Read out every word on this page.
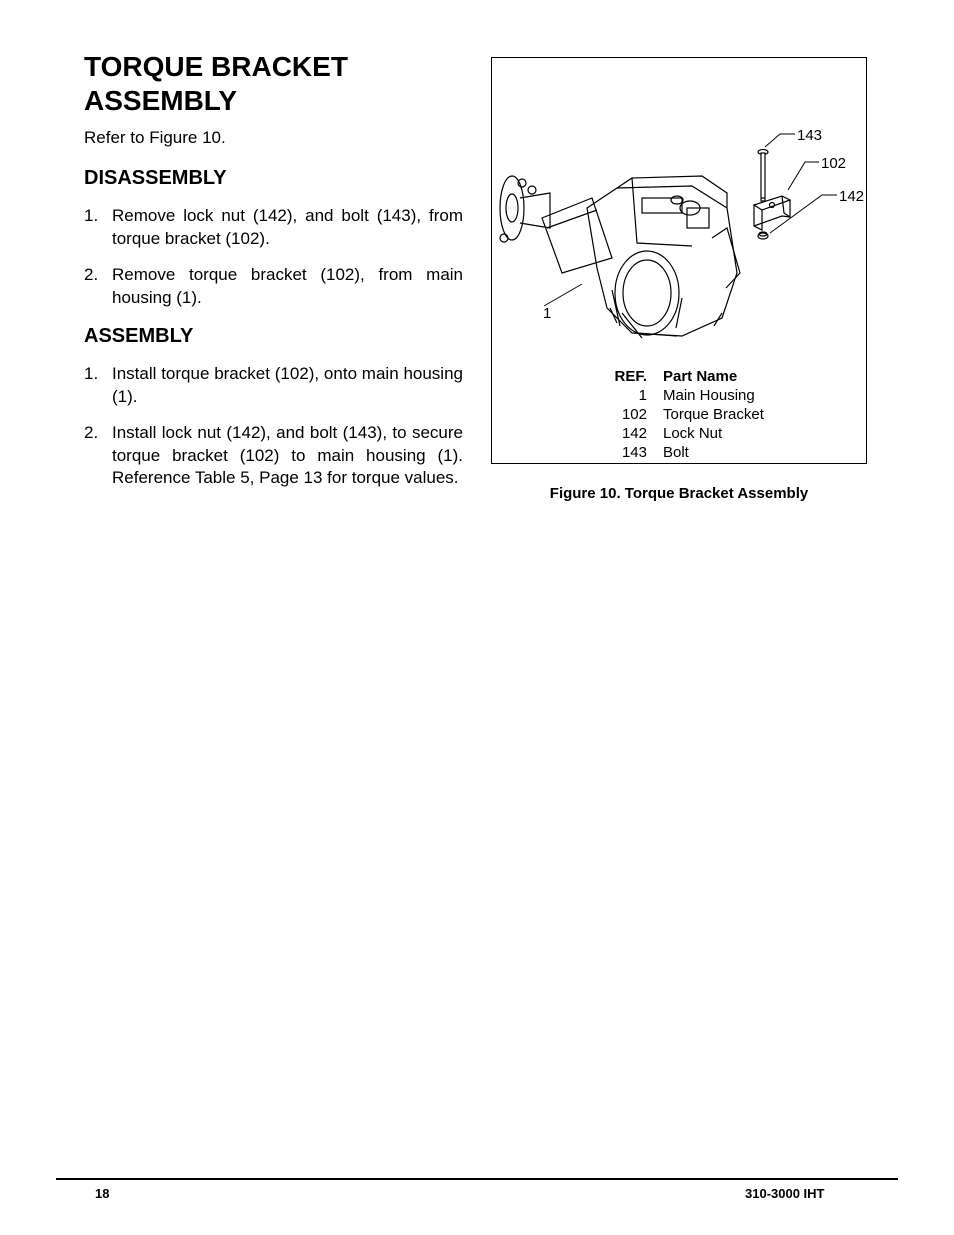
TORQUE BRACKET ASSEMBLY

Refer to Figure 10.

DISASSEMBLY
1. Remove lock nut (142), and bolt (143), from torque bracket (102).
2. Remove torque bracket (102), from main housing (1).
ASSEMBLY
1. Install torque bracket (102), onto main housing (1).
2. Install lock nut (142), and bolt (143), to secure torque bracket (102) to main housing (1). Reference Table 5, Page 13 for torque values.
143
102
142
1
REF.	Part Name
1	Main Housing
102	Torque Bracket
142	Lock Nut
143	Bolt

Figure 10. Torque Bracket Assembly

18	310-3000 IHT
